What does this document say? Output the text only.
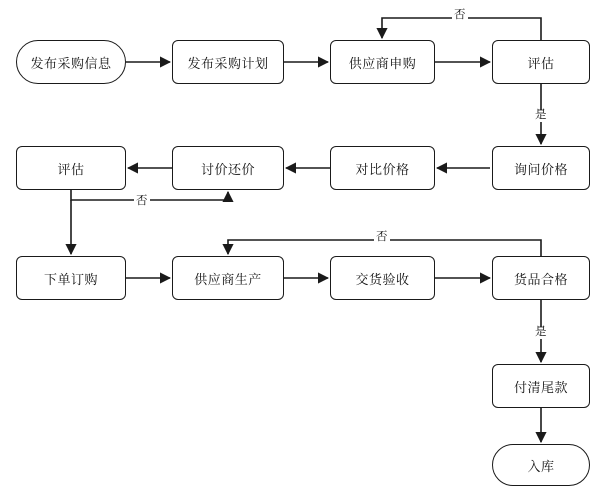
发布采购信息	发布采购计划	供应商申购	评估
询问价格
对比价格
讨价还价
评估
下单订购	供应商生产	交货验收	货品合格
付清尾款
入库
否
是
否
否
是
